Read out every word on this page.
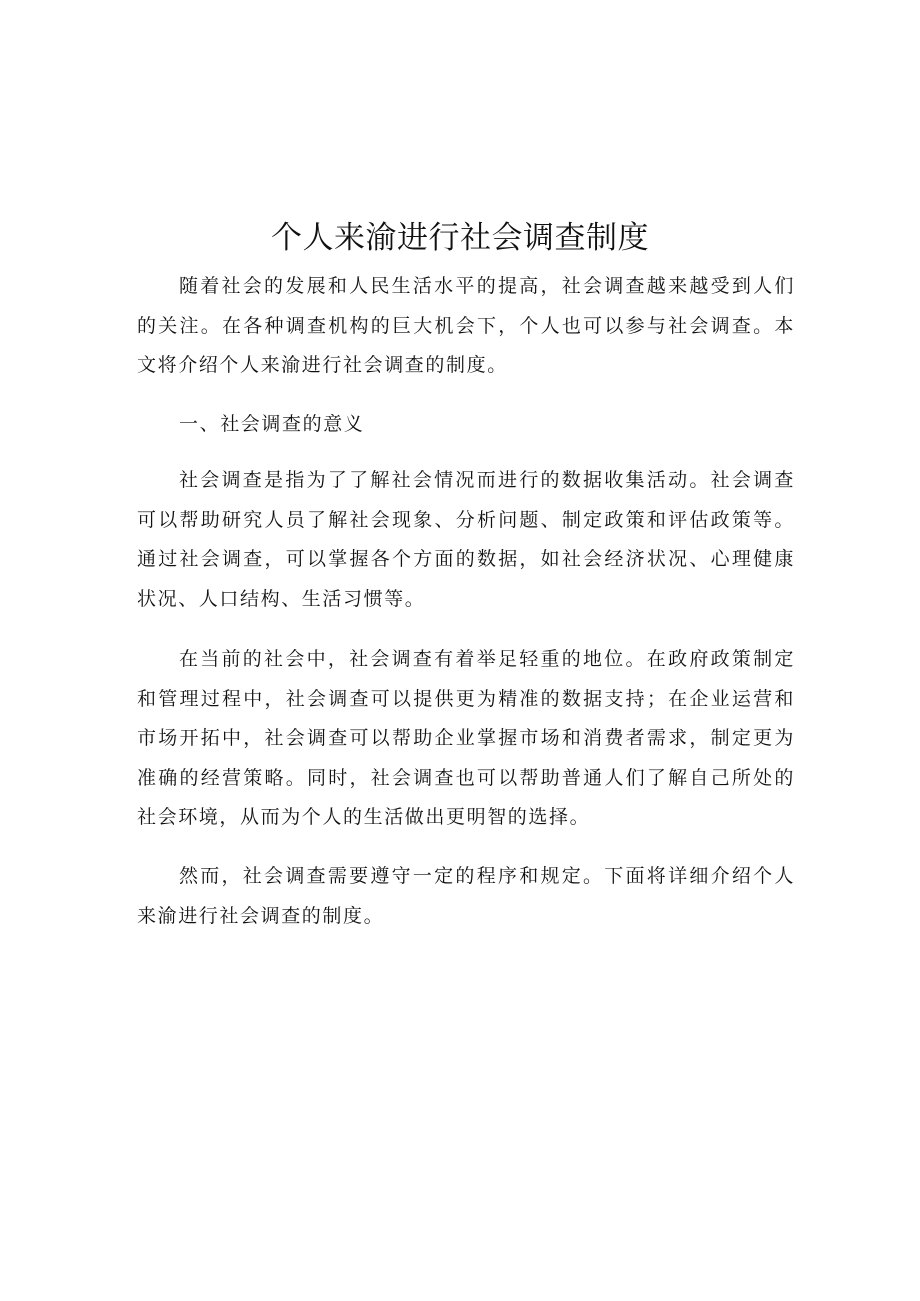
个人来渝进行社会调查制度

随着社会的发展和人民生活水平的提高，社会调查越来越受到人们的关注。在各种调查机构的巨大机会下，个人也可以参与社会调查。本文将介绍个人来渝进行社会调查的制度。

一、社会调查的意义

社会调查是指为了了解社会情况而进行的数据收集活动。社会调查可以帮助研究人员了解社会现象、分析问题、制定政策和评估政策等。通过社会调查，可以掌握各个方面的数据，如社会经济状况、心理健康状况、人口结构、生活习惯等。

在当前的社会中，社会调查有着举足轻重的地位。在政府政策制定和管理过程中，社会调查可以提供更为精准的数据支持；在企业运营和市场开拓中，社会调查可以帮助企业掌握市场和消费者需求，制定更为准确的经营策略。同时，社会调查也可以帮助普通人们了解自己所处的社会环境，从而为个人的生活做出更明智的选择。

然而，社会调查需要遵守一定的程序和规定。下面将详细介绍个人来渝进行社会调查的制度。
